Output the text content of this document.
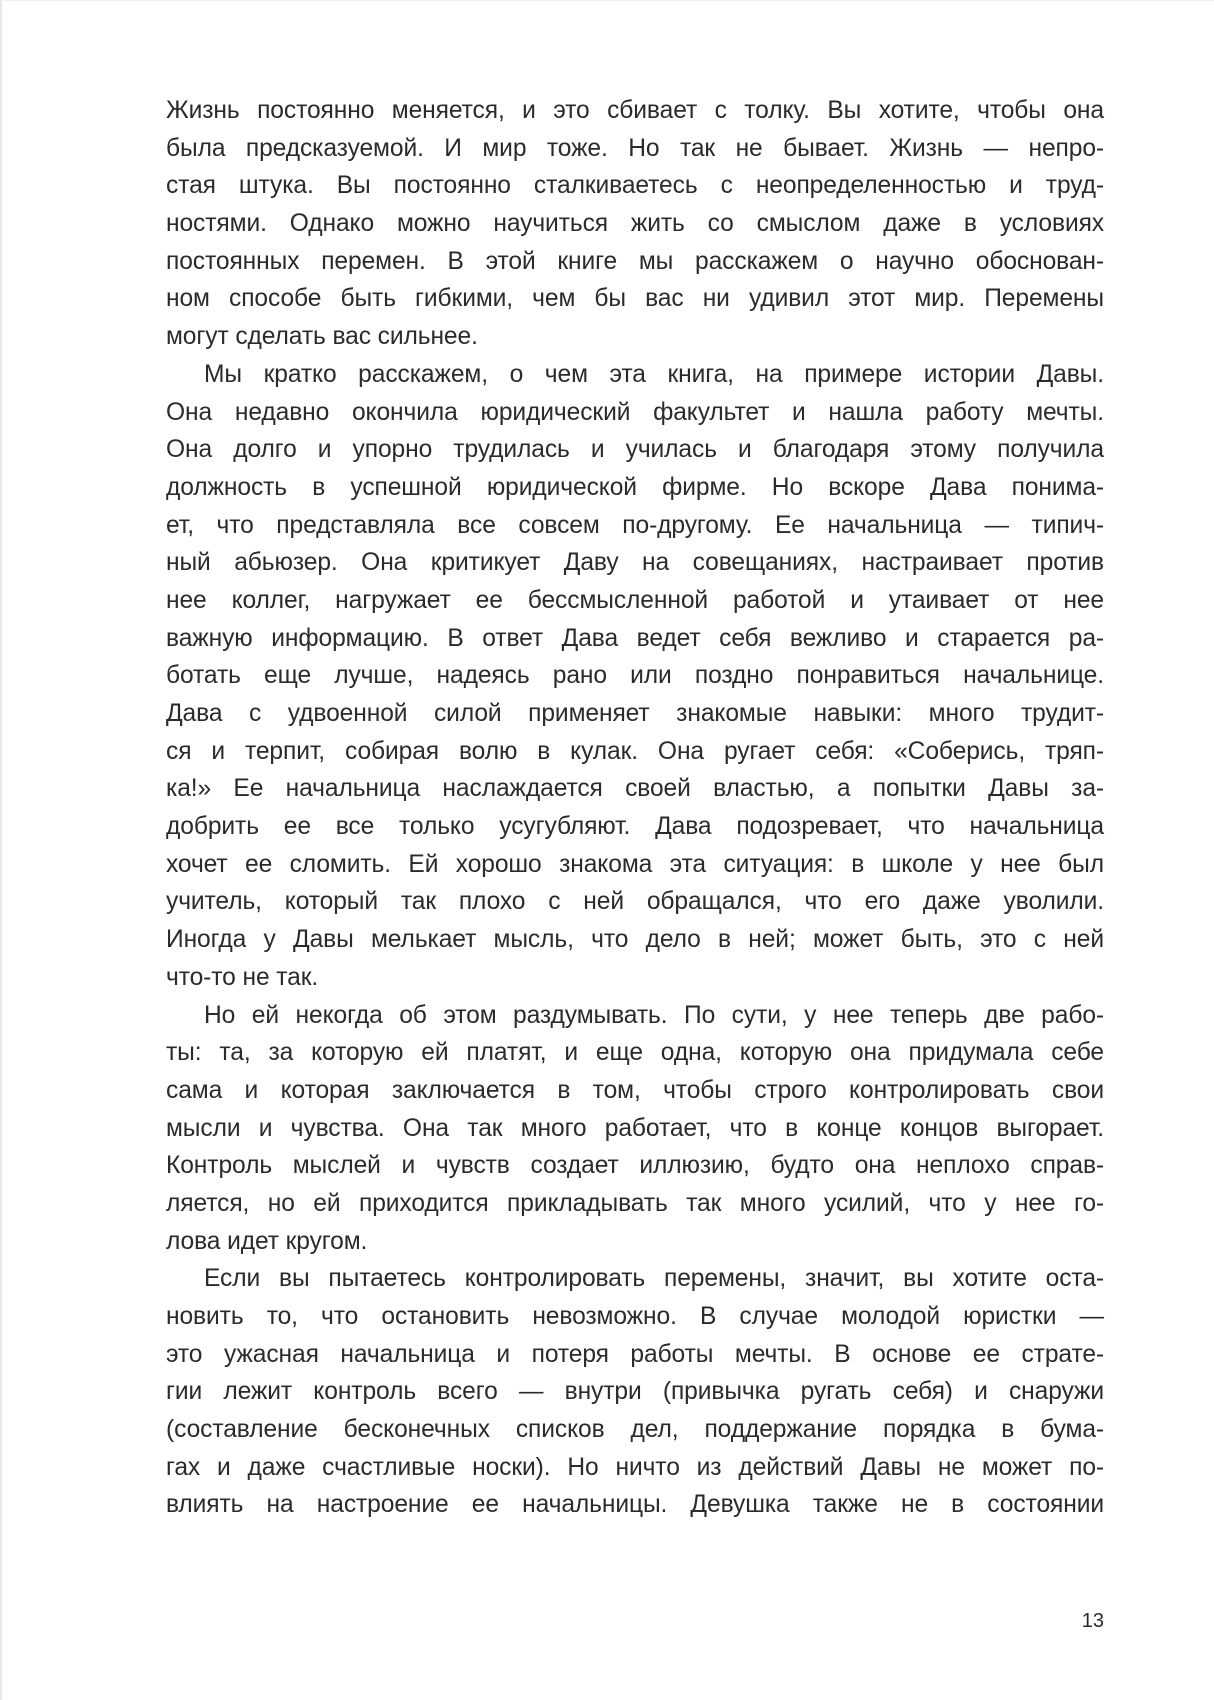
Жизнь постоянно меняется, и это сбивает с толку. Вы хотите, чтобы она
была предсказуемой. И мир тоже. Но так не бывает. Жизнь — непро-
стая штука. Вы постоянно сталкиваетесь с неопределенностью и труд-
ностями. Однако можно научиться жить со смыслом даже в условиях
постоянных перемен. В этой книге мы расскажем о научно обоснован-
ном способе быть гибкими, чем бы вас ни удивил этот мир. Перемены
могут сделать вас сильнее.
Мы кратко расскажем, о чем эта книга, на примере истории Давы.
Она недавно окончила юридический факультет и нашла работу мечты.
Она долго и упорно трудилась и училась и благодаря этому получила
должность в успешной юридической фирме. Но вскоре Дава понима-
ет, что представляла все совсем по-другому. Ее начальница — типич-
ный абьюзер. Она критикует Даву на совещаниях, настраивает против
нее коллег, нагружает ее бессмысленной работой и утаивает от нее
важную информацию. В ответ Дава ведет себя вежливо и старается ра-
ботать еще лучше, надеясь рано или поздно понравиться начальнице.
Дава с удвоенной силой применяет знакомые навыки: много трудит-
ся и терпит, собирая волю в кулак. Она ругает себя: «Соберись, тряп-
ка!» Ее начальница наслаждается своей властью, а попытки Давы за-
добрить ее все только усугубляют. Дава подозревает, что начальница
хочет ее сломить. Ей хорошо знакома эта ситуация: в школе у нее был
учитель, который так плохо с ней обращался, что его даже уволили.
Иногда у Давы мелькает мысль, что дело в ней; может быть, это с ней
что-то не так.
Но ей некогда об этом раздумывать. По сути, у нее теперь две рабо-
ты: та, за которую ей платят, и еще одна, которую она придумала себе
сама и которая заключается в том, чтобы строго контролировать свои
мысли и чувства. Она так много работает, что в конце концов выгорает.
Контроль мыслей и чувств создает иллюзию, будто она неплохо справ-
ляется, но ей приходится прикладывать так много усилий, что у нее го-
лова идет кругом.
Если вы пытаетесь контролировать перемены, значит, вы хотите оста-
новить то, что остановить невозможно. В случае молодой юристки —
это ужасная начальница и потеря работы мечты. В основе ее страте-
гии лежит контроль всего — внутри (привычка ругать себя) и снаружи
(составление бесконечных списков дел, поддержание порядка в бума-
гах и даже счастливые носки). Но ничто из действий Давы не может по-
влиять на настроение ее начальницы. Девушка также не в состоянии
13
